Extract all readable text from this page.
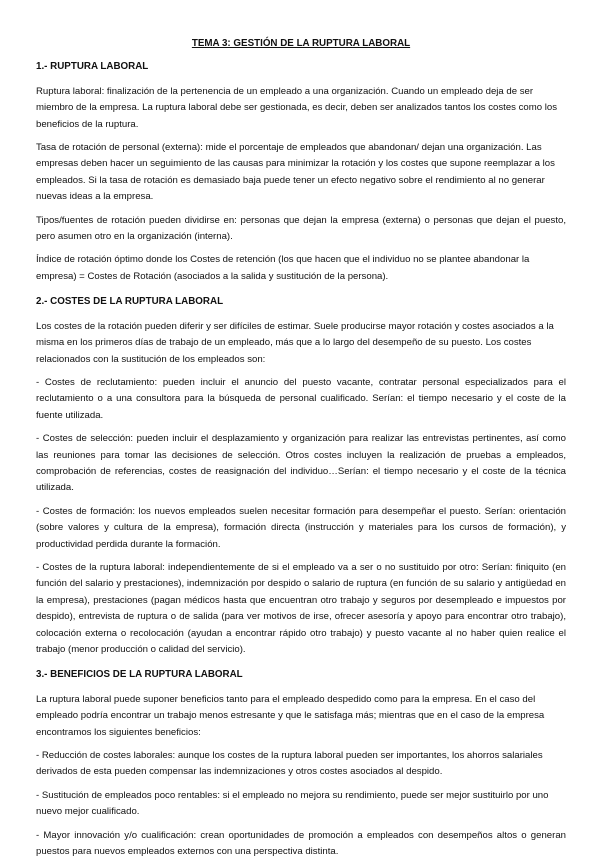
TEMA 3: GESTIÓN DE LA RUPTURA LABORAL
1.- RUPTURA LABORAL

Ruptura laboral: finalización de la pertenencia de un empleado a una organización. Cuando un empleado deja de ser miembro de la empresa. La ruptura laboral debe ser gestionada, es decir, deben ser analizados tantos los costes como los beneficios de la ruptura.

Tasa de rotación de personal (externa): mide el porcentaje de empleados que abandonan/ dejan una organización. Las empresas deben hacer un seguimiento de las causas para minimizar la rotación y los costes que supone reemplazar a los empleados. Si la tasa de rotación es demasiado baja puede tener un efecto negativo sobre el rendimiento al no generar nuevas ideas a la empresa.

Tipos/fuentes de rotación pueden dividirse en: personas que dejan la empresa (externa) o personas que dejan el puesto, pero asumen otro en la organización (interna).

Índice de rotación óptimo donde los Costes de retención (los que hacen que el individuo no se plantee abandonar la empresa) = Costes de Rotación (asociados a la salida y sustitución de la persona).

2.- COSTES DE LA RUPTURA LABORAL

Los costes de la rotación pueden diferir y ser difíciles de estimar. Suele producirse mayor rotación y costes asociados a la misma en los primeros días de trabajo de un empleado, más que a lo largo del desempeño de su puesto. Los costes relacionados con la sustitución de los empleados son:

- Costes de reclutamiento: pueden incluir el anuncio del puesto vacante, contratar personal especializados para el reclutamiento o a una consultora para la búsqueda de personal cualificado. Serían: el tiempo necesario y el coste de la fuente utilizada.

- Costes de selección: pueden incluir el desplazamiento y organización para realizar las entrevistas pertinentes, así como las reuniones para tomar las decisiones de selección. Otros costes incluyen la realización de pruebas a empleados, comprobación de referencias, costes de reasignación del individuo…Serían: el tiempo necesario y el coste de la técnica utilizada.

- Costes de formación: los nuevos empleados suelen necesitar formación para desempeñar el puesto. Serían: orientación (sobre valores y cultura de la empresa), formación directa (instrucción y materiales para los cursos de formación), y productividad perdida durante la formación.

- Costes de la ruptura laboral: independientemente de si el empleado va a ser o no sustituido por otro: Serían: finiquito (en función del salario y prestaciones), indemnización por despido o salario de ruptura (en función de su salario y antigüedad en la empresa), prestaciones (pagan médicos hasta que encuentran otro trabajo y seguros por desempleado e impuestos por despido), entrevista de ruptura o de salida (para ver motivos de irse, ofrecer asesoría y apoyo para encontrar otro trabajo), colocación externa o recolocación (ayudan a encontrar rápido otro trabajo) y puesto vacante al no haber quien realice el trabajo (menor producción o calidad del servicio).

3.- BENEFICIOS DE LA RUPTURA LABORAL

La ruptura laboral puede suponer beneficios tanto para el empleado despedido como para la empresa. En el caso del empleado podría encontrar un trabajo menos estresante y que le satisfaga más; mientras que en el caso de la empresa encontramos los siguientes beneficios:

- Reducción de costes laborales: aunque los costes de la ruptura laboral pueden ser importantes, los ahorros salariales derivados de esta pueden compensar las indemnizaciones y otros costes asociados al despido.

- Sustitución de empleados poco rentables: si el empleado no mejora su rendimiento, puede ser mejor sustituirlo por uno nuevo mejor cualificado.

- Mayor innovación y/o cualificación: crean oportunidades de promoción a empleados con desempeños altos o generan puestos para nuevos empleados externos con una perspectiva distinta.
